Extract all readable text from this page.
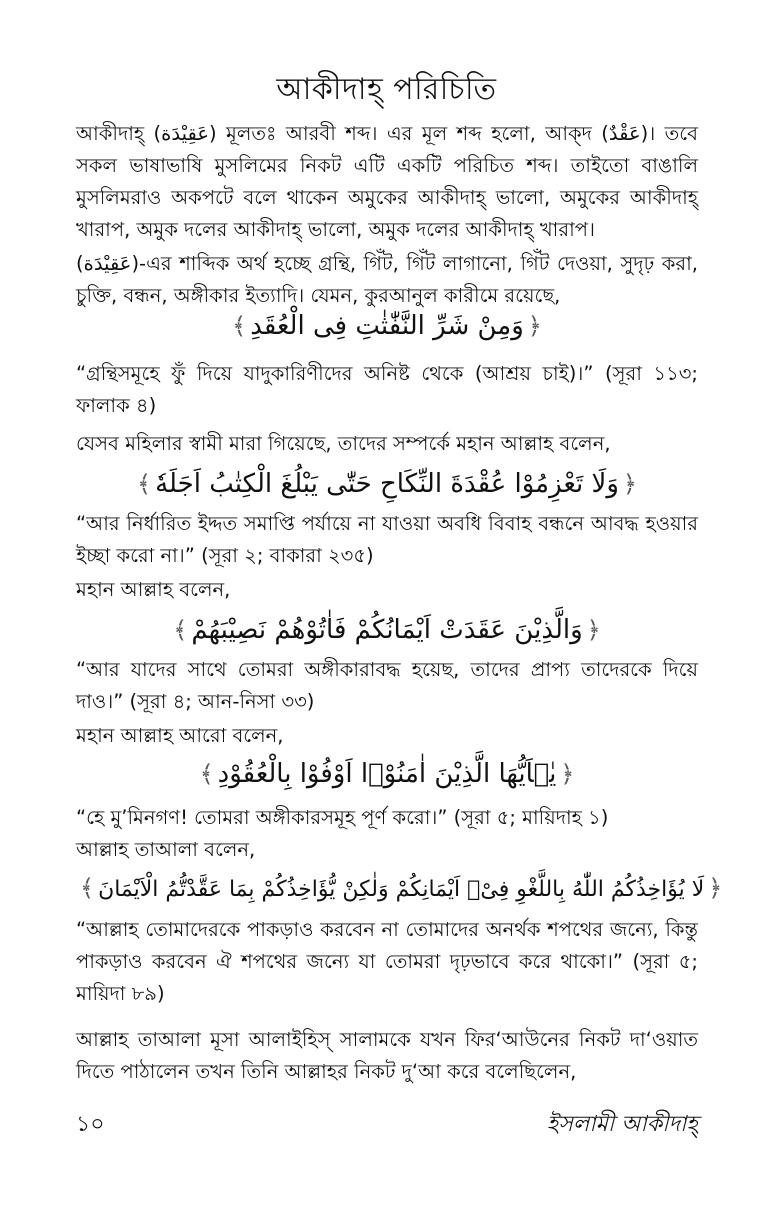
আকীদাহ্ পরিচিতি

আকীদাহ্ (عَقِيْدَة) মূলতঃ আরবী শব্দ। এর মূল শব্দ হলো, আক্‌দ (عَقْدٌ)। তবে সকল ভাষাভাষি মুসলিমের নিকট এটি একটি পরিচিত শব্দ। তাইতো বাঙালি মুসলিমরাও অকপটে বলে থাকেন অমুকের আকীদাহ্ ভালো, অমুকের আকীদাহ্ খারাপ, অমুক দলের আকীদাহ্ ভালো, অমুক দলের আকীদাহ্ খারাপ।

(عَقِيْدَة)-এর শাব্দিক অর্থ হচ্ছে গ্রন্থি, গিঁট, গিঁট লাগানো, গিঁট দেওয়া, সুদৃঢ় করা, চুক্তি, বন্ধন, অঙ্গীকার ইত্যাদি। যেমন, কুরআনুল কারীমে রয়েছে,

﴾ وَمِنْ شَرِّ النَّفّٰثٰتِ فِى الْعُقَدِ ﴿

“গ্রন্থিসমূহে ফুঁ দিয়ে যাদুকারিণীদের অনিষ্ট থেকে (আশ্রয় চাই)।” (সূরা ১১৩; ফালাক ৪)

যেসব মহিলার স্বামী মারা গিয়েছে, তাদের সম্পর্কে মহান আল্লাহ বলেন,

﴾ وَلَا تَعْزِمُوْا عُقْدَةَ النِّكَاحِ حَتّٰى يَبْلُغَ الْكِتٰبُ اَجَلَهٗ ﴿

“আর নির্ধারিত ইদ্দত সমাপ্তি পর্যায়ে না যাওয়া অবধি বিবাহ বন্ধনে আবদ্ধ হওয়ার ইচ্ছা করো না।” (সূরা ২; বাকারা ২৩৫)

মহান আল্লাহ বলেন,

﴾ وَالَّذِيْنَ عَقَدَتْ اَيْمَانُكُمْ فَاٰتُوْهُمْ نَصِيْبَهُمْ ﴿

“আর যাদের সাথে তোমরা অঙ্গীকারাবদ্ধ হয়েছ, তাদের প্রাপ্য তাদেরকে দিয়ে দাও।” (সূরা ৪; আন-নিসা ৩৩)

মহান আল্লাহ আরো বলেন,

﴾ يٰۤاَيُّهَا الَّذِيْنَ اٰمَنُوْۤا اَوْفُوْا بِالْعُقُوْدِ ﴿

“হে মু’মিনগণ! তোমরা অঙ্গীকারসমূহ পূর্ণ করো।” (সূরা ৫; মায়িদাহ ১)

আল্লাহ তাআলা বলেন,

﴾ لَا يُؤَاخِذُكُمُ اللّٰهُ بِاللَّغْوِ فِىْۤ اَيْمَانِكُمْ وَلٰكِنْ يُّؤَاخِذُكُمْ بِمَا عَقَّدْتُّمُ الْاَيْمَانَ ﴿

“আল্লাহ তোমাদেরকে পাকড়াও করবেন না তোমাদের অনর্থক শপথের জন্যে, কিন্তু পাকড়াও করবেন ঐ শপথের জন্যে যা তোমরা দৃঢ়ভাবে করে থাকো।” (সূরা ৫; মায়িদা ৮৯)

আল্লাহ তাআলা মূসা আলাইহিস্ সালামকে যখন ফির‘আউনের নিকট দা‘ওয়াত দিতে পাঠালেন তখন তিনি আল্লাহর নিকট দু‘আ করে বলেছিলেন,

১০	ইসলামী আকীদাহ্
